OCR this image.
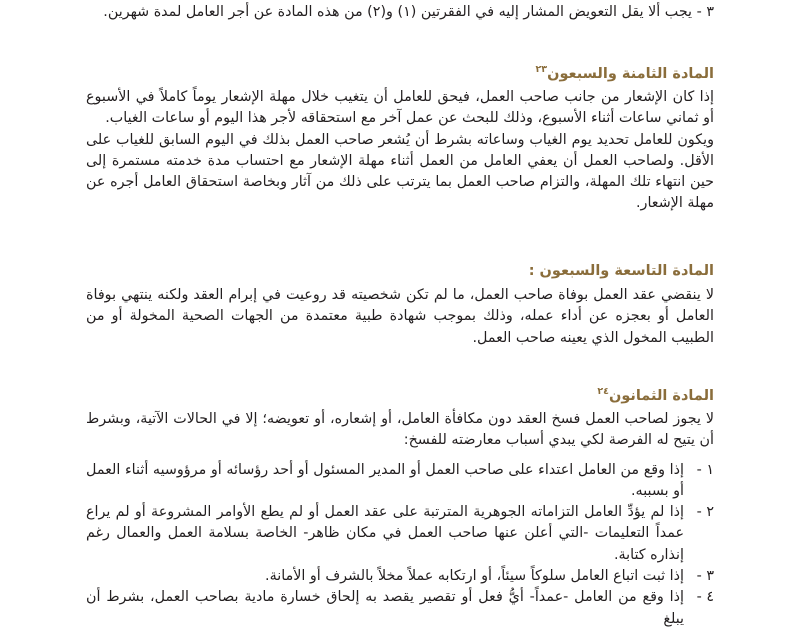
٣ - يجب ألا يقل التعويض المشار إليه في الفقرتين (١) و(٢) من هذه المادة عن أجر العامل لمدة شهرين.

المادة الثامنة والسبعون$^{٢٣}$

إذا كان الإشعار من جانب صاحب العمل، فيحق للعامل أن يتغيب خلال مهلة الإشعار يوماً كاملاً في الأسبوع أو ثماني ساعات أثناء الأسبوع، وذلك للبحث عن عمل آخر مع استحقاقه لأجر هذا اليوم أو ساعات الغياب.

ويكون للعامل تحديد يوم الغياب وساعاته بشرط أن يُشعر صاحب العمل بذلك في اليوم السابق للغياب على الأقل. ولصاحب العمل أن يعفي العامل من العمل أثناء مهلة الإشعار مع احتساب مدة خدمته مستمرة إلى حين انتهاء تلك المهلة، والتزام صاحب العمل بما يترتب على ذلك من آثار وبخاصة استحقاق العامل أجره عن مهلة الإشعار.

المادة التاسعة والسبعون :

لا ينقضي عقد العمل بوفاة صاحب العمل، ما لم تكن شخصيته قد روعيت في إبرام العقد ولكنه ينتهي بوفاة العامل أو بعجزه عن أداء عمله، وذلك بموجب شهادة طبية معتمدة من الجهات الصحية المخولة أو من الطبيب المخول الذي يعينه صاحب العمل.

المادة الثمانون$^{٢٤}$

لا يجوز لصاحب العمل فسخ العقد دون مكافأة العامل، أو إشعاره، أو تعويضه؛ إلا في الحالات الآتية، وبشرط أن يتيح له الفرصة لكي يبدي أسباب معارضته للفسخ:

١ -
إذا وقع من العامل اعتداء على صاحب العمل أو المدير المسئول أو أحد رؤسائه أو مرؤوسيه أثناء العمل أو بسببه.

٢ -
إذا لم يؤدِّ العامل التزاماته الجوهرية المترتبة على عقد العمل أو لم يطع الأوامر المشروعة أو لم يراع عمداً التعليمات -التي أعلن عنها صاحب العمل في مكان ظاهر- الخاصة بسلامة العمل والعمال رغم إنذاره كتابة.

٣ -
إذا ثبت اتباع العامل سلوكاً سيئاً، أو ارتكابه عملاً مخلاً بالشرف أو الأمانة.

٤ -
إذا وقع من العامل -عمداً- أيُّ فعل أو تقصير يقصد به إلحاق خسارة مادية بصاحب العمل، بشرط أن يبلغ
